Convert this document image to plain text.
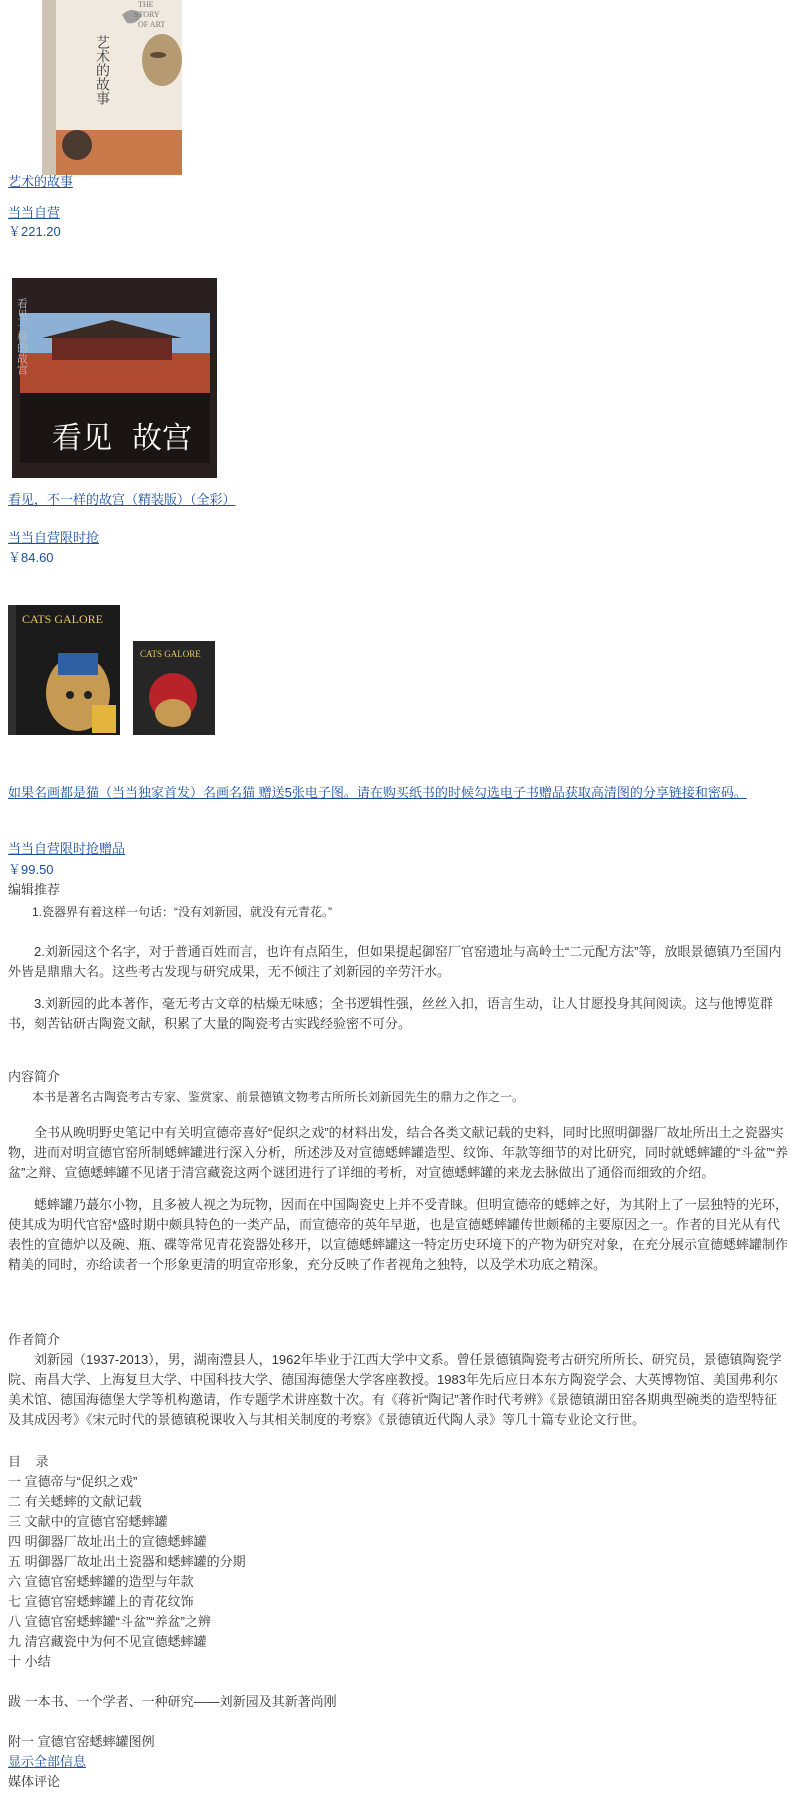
THE
STORY
OF ART
艺术的故事
艺术的故事
当当自营
￥221.20
看见 故宫
看见一样的故宫
看见，不一样的故宫（精装版）（全彩）
当当自营限时抢
￥84.60
CATS GALORE
CATS GALORE
如果名画都是猫（当当独家首发）名画名猫 赠送5张电子图。请在购买纸书的时候勾选电子书赠品获取高清图的分享链接和密码。
当当自营限时抢赠品
￥99.50
编辑推荐
1.瓷器界有着这样一句话：“没有刘新园，就没有元青花。”
2.刘新园这个名字，对于普通百姓而言，也许有点陌生，但如果提起御窑厂官窑遗址与高岭土“二元配方法”等，放眼景德镇乃至国内外皆是鼎鼎大名。这些考古发现与研究成果，无不倾注了刘新园的辛劳汗水。
3.刘新园的此本著作，毫无考古文章的枯燥无味感；全书逻辑性强，丝丝入扣，语言生动，让人甘愿投身其间阅读。这与他博览群书，刻苦钻研古陶瓷文献，积累了大量的陶瓷考古实践经验密不可分。
内容简介
本书是著名古陶瓷考古专家、鉴赏家、前景德镇文物考古所所长刘新园先生的鼎力之作之一。
全书从晚明野史笔记中有关明宣德帝喜好“促织之戏”的材料出发，结合各类文献记载的史料，同时比照明御器厂故址所出土之瓷器实物，进而对明宣德官窑所制蟋蟀罐进行深入分析，所述涉及对宣德蟋蟀罐造型、纹饰、年款等细节的对比研究，同时就蟋蟀罐的“斗盆”“养盆”之辩、宣德蟋蟀罐不见诸于清宫藏瓷这两个谜团进行了详细的考析，对宣德蟋蟀罐的来龙去脉做出了通俗而细致的介绍。
蟋蟀罐乃蕞尔小物，且多被人视之为玩物，因而在中国陶瓷史上并不受青睐。但明宣德帝的蟋蟀之好，为其附上了一层独特的光环，使其成为明代官窑*盛时期中颇具特色的一类产品，而宣德帝的英年早逝，也是宣德蟋蟀罐传世颇稀的主要原因之一。作者的目光从有代表性的宣德炉以及碗、瓶、碟等常见青花瓷器处移开，以宣德蟋蟀罐这一特定历史环境下的产物为研究对象，在充分展示宣德蟋蟀罐制作精美的同时，亦给读者一个形象更清的明宣帝形象，充分反映了作者视角之独特，以及学术功底之精深。
作者简介
刘新园（1937-2013），男，湖南澧县人，1962年毕业于江西大学中文系。曾任景德镇陶瓷考古研究所所长、研究员，景德镇陶瓷学院、南昌大学、上海复旦大学、中国科技大学、德国海德堡大学客座教授。1983年先后应日本东方陶瓷学会、大英博物馆、美国弗利尔美术馆、德国海德堡大学等机构邀请，作专题学术讲座数十次。有《蒋祈“陶记”著作时代考辨》《景德镇湖田窑各期典型碗类的造型特征及其成因考》《宋元时代的景德镇税课收入与其相关制度的考察》《景德镇近代陶人录》等几十篇专业论文行世。
目    录
一 宣德帝与“促织之戏”
二 有关蟋蟀的文献记载
三 文献中的宣德官窑蟋蟀罐
四 明御器厂故址出土的宣德蟋蟀罐
五 明御器厂故址出土瓷器和蟋蟀罐的分期
六 宣德官窑蟋蟀罐的造型与年款
七 宣德官窑蟋蟀罐上的青花纹饰
八 宣德官窑蟋蟀罐“斗盆”“养盆”之辨
九 清宫藏瓷中为何不见宣德蟋蟀罐
十 小结
跋 一本书、一个学者、一种研究——刘新园及其新著尚刚
附一 宣德官窑蟋蟀罐图例
显示全部信息
媒体评论
